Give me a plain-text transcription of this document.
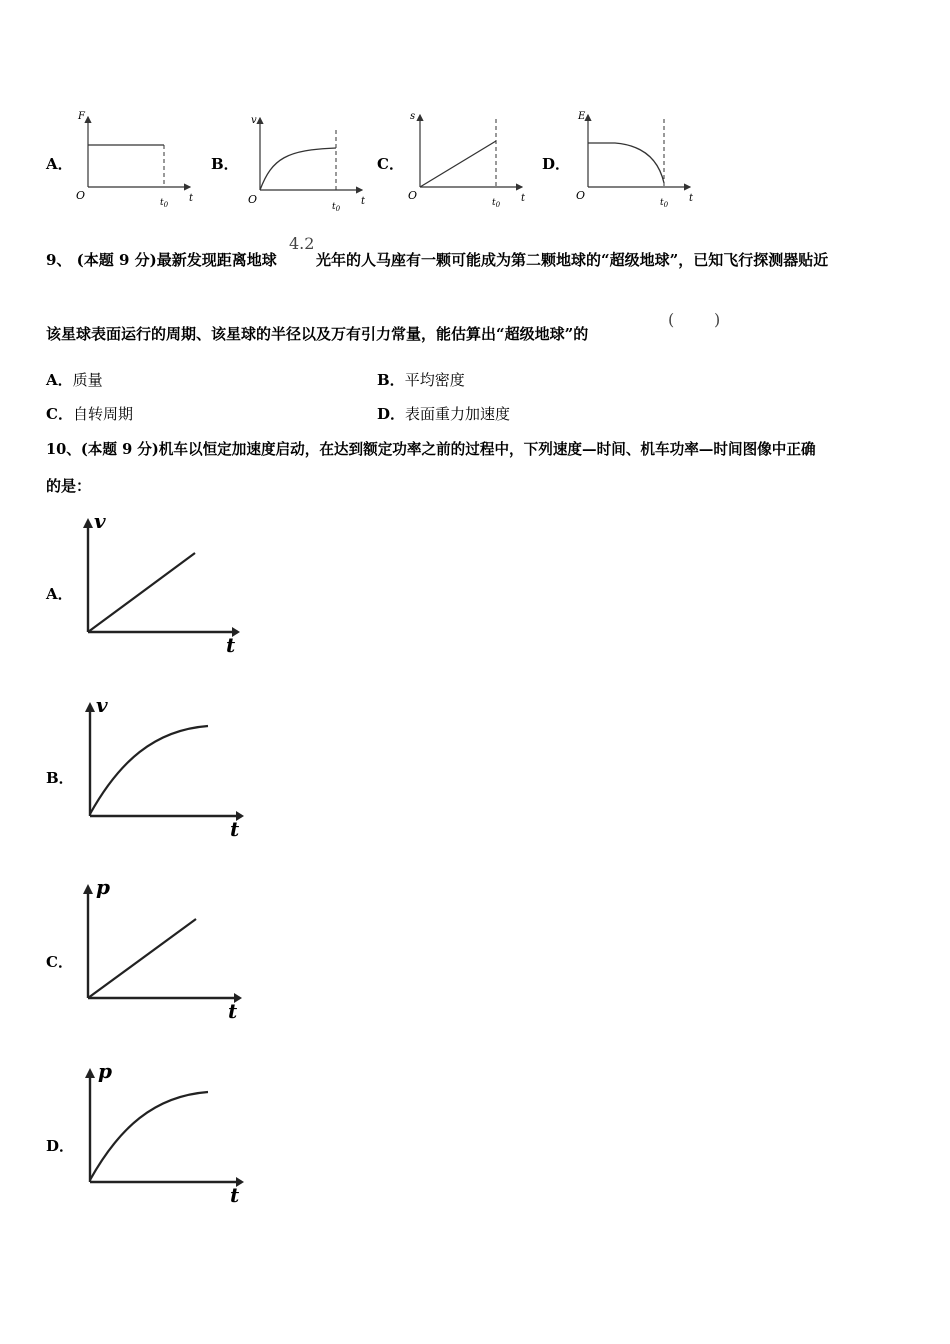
A．
F
O
$t_0$
t
B．
v
O
$t_0$
t
C．
s
O
$t_0$
t
D．
E
O
$t_0$
t
9、 (本题 9 分)最新发现距离地球
4.2
光年的人马座有一颗可能成为第二颗地球的“超级地球”，已知飞行探测器贴近
该星球表面运行的周期、该星球的半径以及万有引力常量，能估算出“超级地球”的
( )
A．质量	B．平均密度
C．自转周期	D．表面重力加速度
10、(本题 9 分)机车以恒定加速度启动，在达到额定功率之前的过程中，下列速度—时间、机车功率—时间图像中正确
的是：
A．
v
t
B．
v
t
C．
p
t
D．
p
t
